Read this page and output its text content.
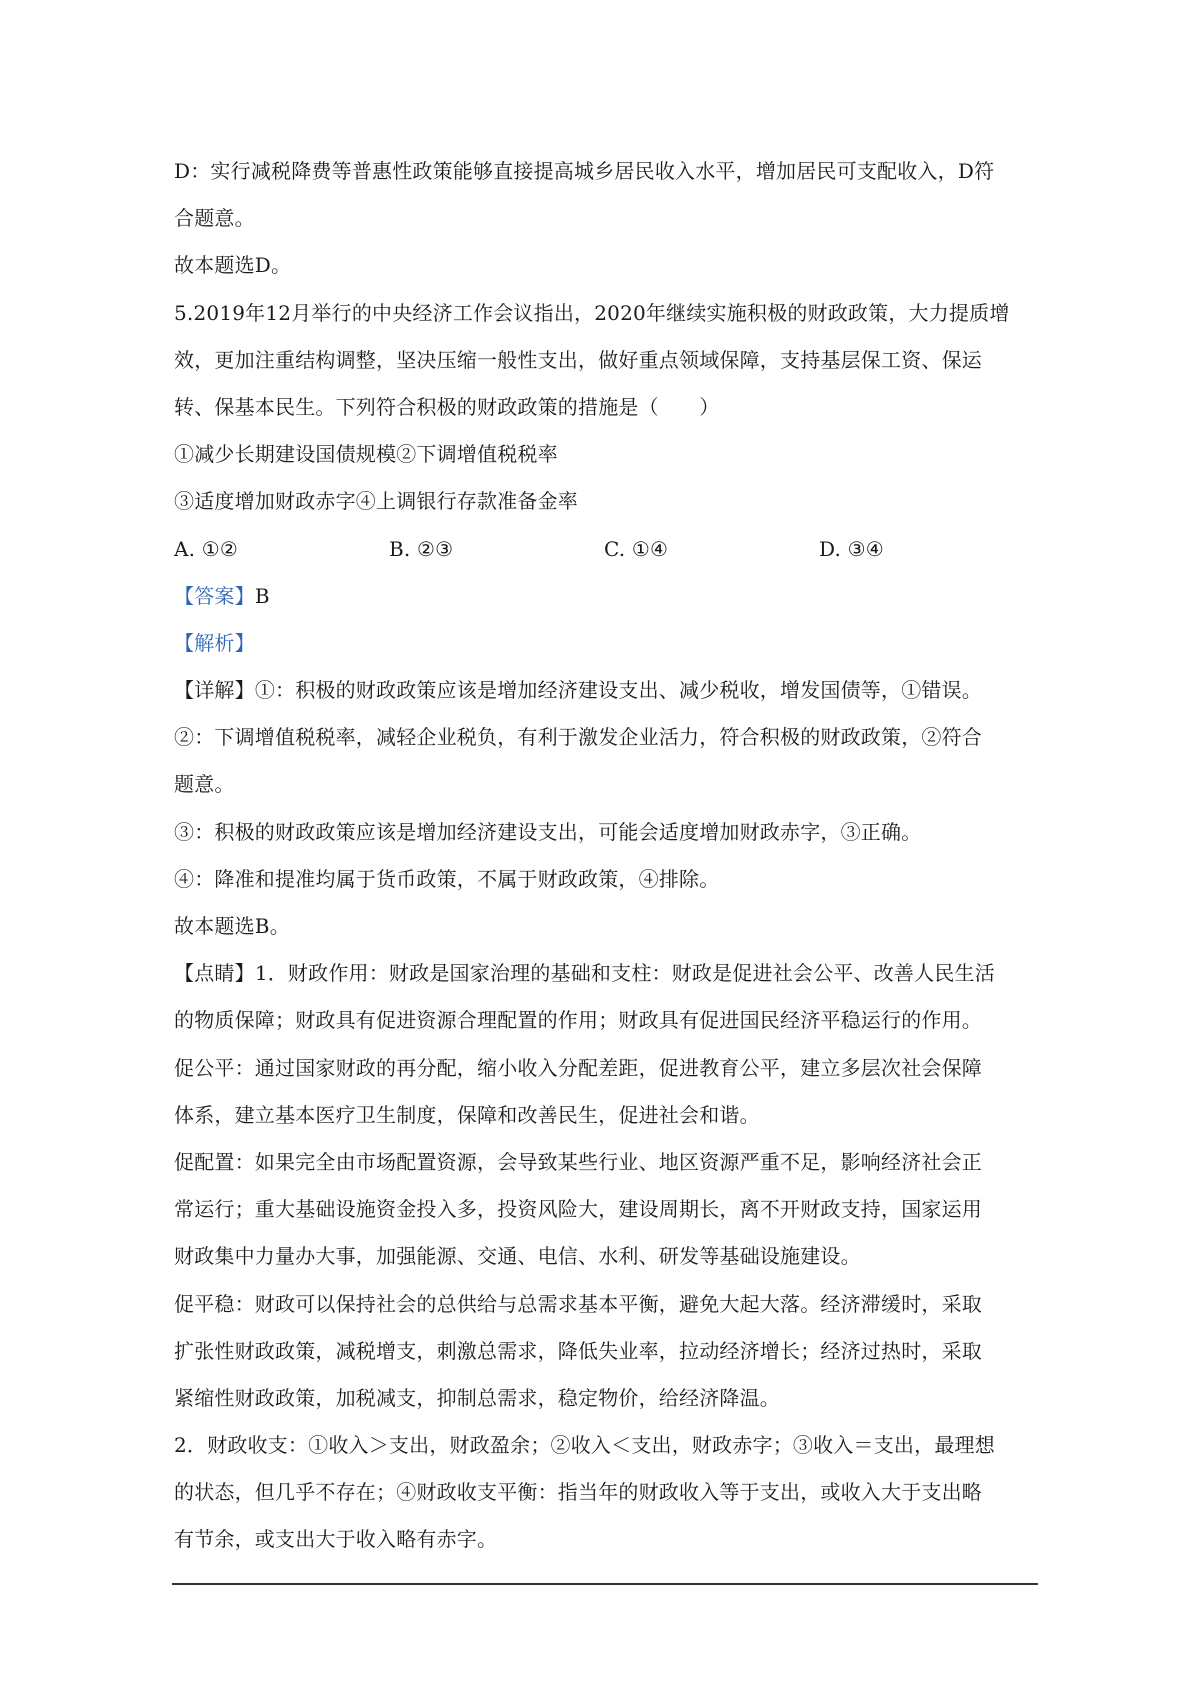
D：实行减税降费等普惠性政策能够直接提高城乡居民收入水平，增加居民可支配收入，D符
合题意。
故本题选D。
5.2019年12月举行的中央经济工作会议指出，2020年继续实施积极的财政政策，大力提质增
效，更加注重结构调整，坚决压缩一般性支出，做好重点领域保障，支持基层保工资、保运
转、保基本民生。下列符合积极的财政政策的措施是（　　）
①减少长期建设国债规模②下调增值税税率
③适度增加财政赤字④上调银行存款准备金率
A. ①②	B. ②③	C. ①④	D. ③④
【答案】B
【解析】
【详解】①：积极的财政政策应该是增加经济建设支出、减少税收，增发国债等，①错误。
②：下调增值税税率，减轻企业税负，有利于激发企业活力，符合积极的财政政策，②符合
题意。
③：积极的财政政策应该是增加经济建设支出，可能会适度增加财政赤字，③正确。
④：降准和提准均属于货币政策，不属于财政政策，④排除。
故本题选B。
【点睛】1．财政作用：财政是国家治理的基础和支柱：财政是促进社会公平、改善人民生活
的物质保障；财政具有促进资源合理配置的作用；财政具有促进国民经济平稳运行的作用。
促公平：通过国家财政的再分配，缩小收入分配差距，促进教育公平，建立多层次社会保障
体系，建立基本医疗卫生制度，保障和改善民生，促进社会和谐。
促配置：如果完全由市场配置资源，会导致某些行业、地区资源严重不足，影响经济社会正
常运行；重大基础设施资金投入多，投资风险大，建设周期长，离不开财政支持，国家运用
财政集中力量办大事，加强能源、交通、电信、水利、研发等基础设施建设。
促平稳：财政可以保持社会的总供给与总需求基本平衡，避免大起大落。经济滞缓时，采取
扩张性财政政策，减税增支，刺激总需求，降低失业率，拉动经济增长；经济过热时，采取
紧缩性财政政策，加税减支，抑制总需求，稳定物价，给经济降温。
2．财政收支：①收入＞支出，财政盈余；②收入＜支出，财政赤字；③收入＝支出，最理想
的状态，但几乎不存在；④财政收支平衡：指当年的财政收入等于支出，或收入大于支出略
有节余，或支出大于收入略有赤字。
